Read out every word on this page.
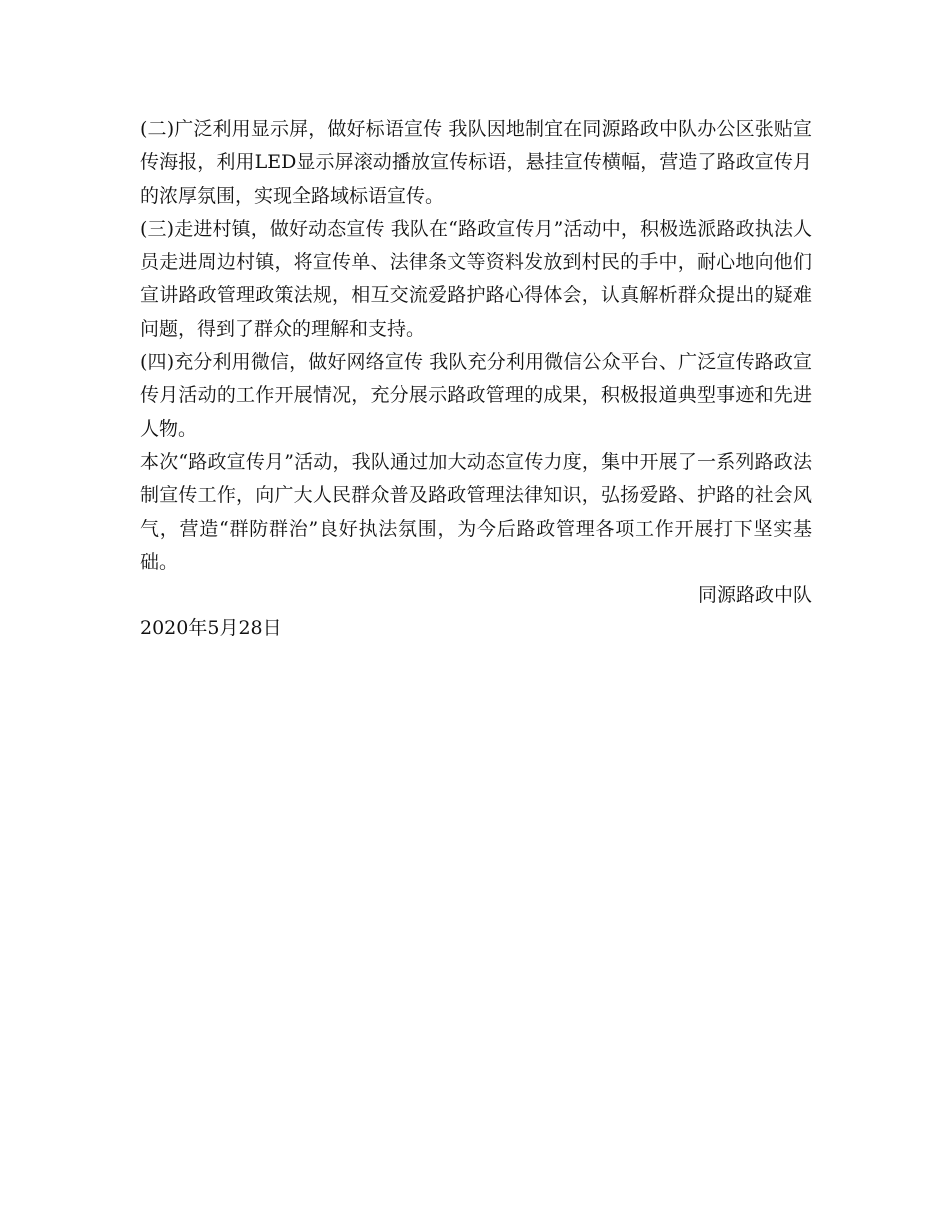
(二)广泛利用显示屏，做好标语宣传 我队因地制宜在同源路政中队办公区张贴宣传海报，利用LED显示屏滚动播放宣传标语，悬挂宣传横幅，营造了路政宣传月的浓厚氛围，实现全路域标语宣传。

(三)走进村镇，做好动态宣传 我队在“路政宣传月”活动中，积极选派路政执法人员走进周边村镇，将宣传单、法律条文等资料发放到村民的手中，耐心地向他们宣讲路政管理政策法规，相互交流爱路护路心得体会，认真解析群众提出的疑难问题，得到了群众的理解和支持。

(四)充分利用微信，做好网络宣传 我队充分利用微信公众平台、广泛宣传路政宣传月活动的工作开展情况，充分展示路政管理的成果，积极报道典型事迹和先进人物。

本次“路政宣传月”活动，我队通过加大动态宣传力度，集中开展了一系列路政法制宣传工作，向广大人民群众普及路政管理法律知识，弘扬爱路、护路的社会风气，营造“群防群治”良好执法氛围，为今后路政管理各项工作开展打下坚实基础。

同源路政中队

2020年5月28日
